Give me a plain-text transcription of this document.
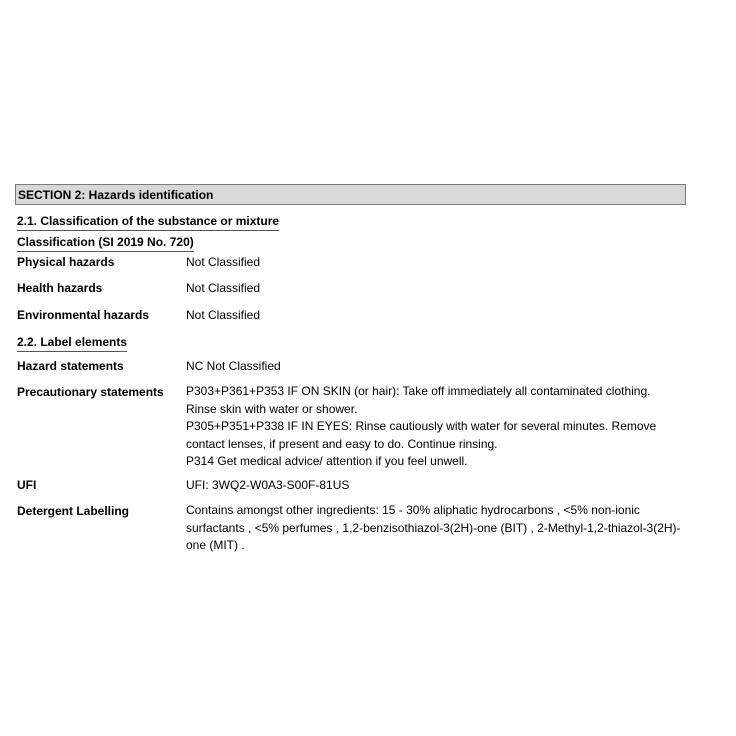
SECTION 2: Hazards identification
2.1. Classification of the substance or mixture
Classification (SI 2019 No. 720)
Physical hazards	Not Classified
Health hazards	Not Classified
Environmental hazards	Not Classified
2.2. Label elements
Hazard statements	NC Not Classified
Precautionary statements P303+P361+P353 IF ON SKIN (or hair): Take off immediately all contaminated clothing.
Rinse skin with water or shower.
P305+P351+P338 IF IN EYES: Rinse cautiously with water for several minutes. Remove
contact lenses, if present and easy to do. Continue rinsing.
P314 Get medical advice/ attention if you feel unwell.
UFI	UFI: 3WQ2-W0A3-S00F-81US
Detergent Labelling	Contains amongst other ingredients: 15 - 30% aliphatic hydrocarbons , <5% non-ionic
surfactants , <5% perfumes , 1,2-benzisothiazol-3(2H)-one (BIT) , 2-Methyl-1,2-thiazol-3(2H)-
one (MIT) .
